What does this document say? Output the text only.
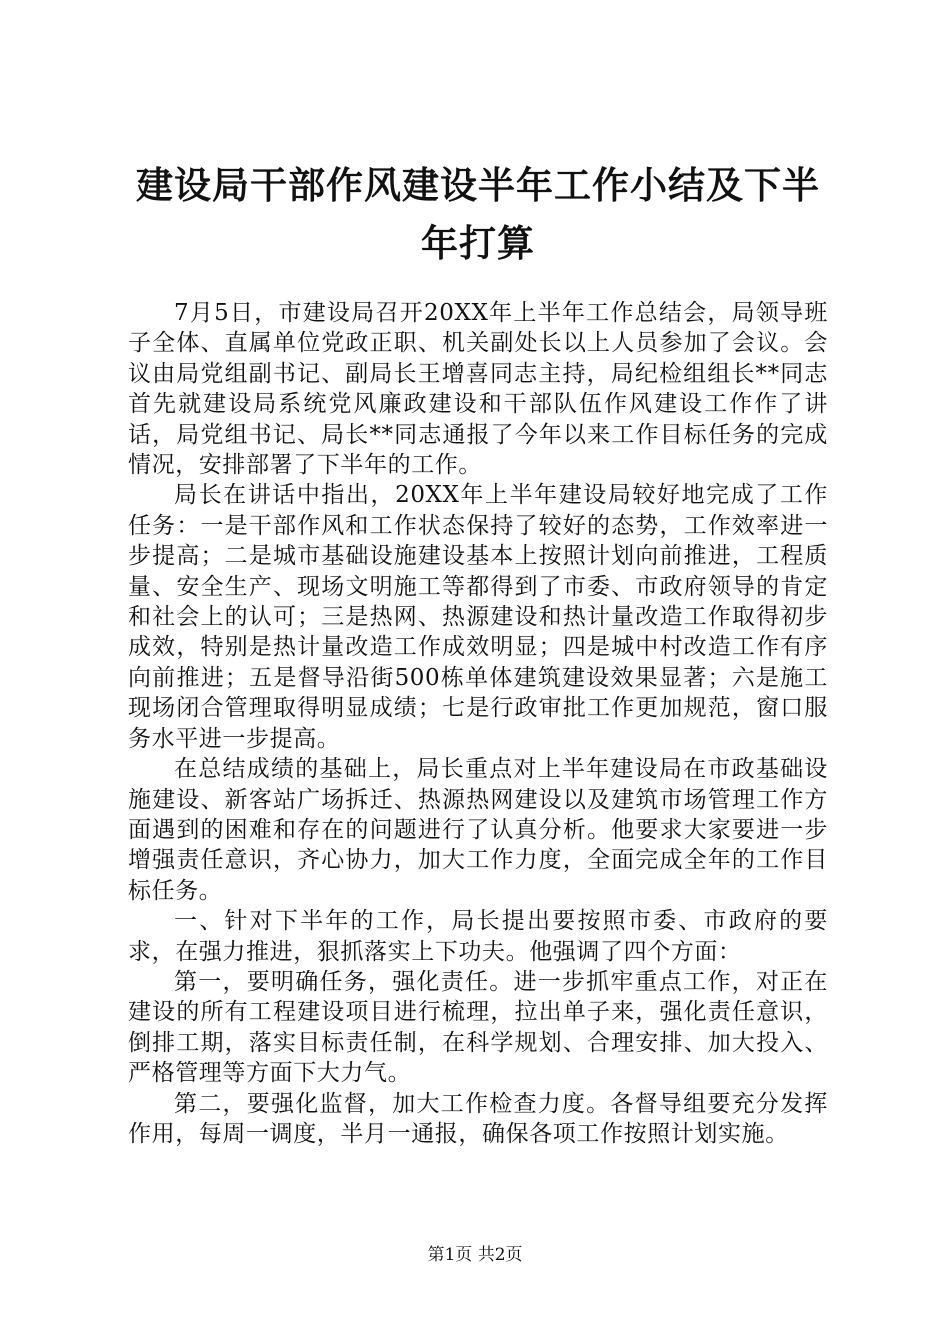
建设局干部作风建设半年工作小结及下半年打算

7月5日，市建设局召开20XX年上半年工作总结会，局领导班子全体、直属单位党政正职、机关副处长以上人员参加了会议。会议由局党组副书记、副局长王增喜同志主持，局纪检组组长**同志首先就建设局系统党风廉政建设和干部队伍作风建设工作作了讲话，局党组书记、局长**同志通报了今年以来工作目标任务的完成情况，安排部署了下半年的工作。

局长在讲话中指出，20XX年上半年建设局较好地完成了工作任务：一是干部作风和工作状态保持了较好的态势，工作效率进一步提高；二是城市基础设施建设基本上按照计划向前推进，工程质量、安全生产、现场文明施工等都得到了市委、市政府领导的肯定和社会上的认可；三是热网、热源建设和热计量改造工作取得初步成效，特别是热计量改造工作成效明显；四是城中村改造工作有序向前推进；五是督导沿街500栋单体建筑建设效果显著；六是施工现场闭合管理取得明显成绩；七是行政审批工作更加规范，窗口服务水平进一步提高。

在总结成绩的基础上，局长重点对上半年建设局在市政基础设施建设、新客站广场拆迁、热源热网建设以及建筑市场管理工作方面遇到的困难和存在的问题进行了认真分析。他要求大家要进一步增强责任意识，齐心协力，加大工作力度，全面完成全年的工作目标任务。

一、针对下半年的工作，局长提出要按照市委、市政府的要求，在强力推进，狠抓落实上下功夫。他强调了四个方面：

第一，要明确任务，强化责任。进一步抓牢重点工作，对正在建设的所有工程建设项目进行梳理，拉出单子来，强化责任意识，倒排工期，落实目标责任制，在科学规划、合理安排、加大投入、严格管理等方面下大力气。

第二，要强化监督，加大工作检查力度。各督导组要充分发挥作用，每周一调度，半月一通报，确保各项工作按照计划实施。

第1页 共2页
